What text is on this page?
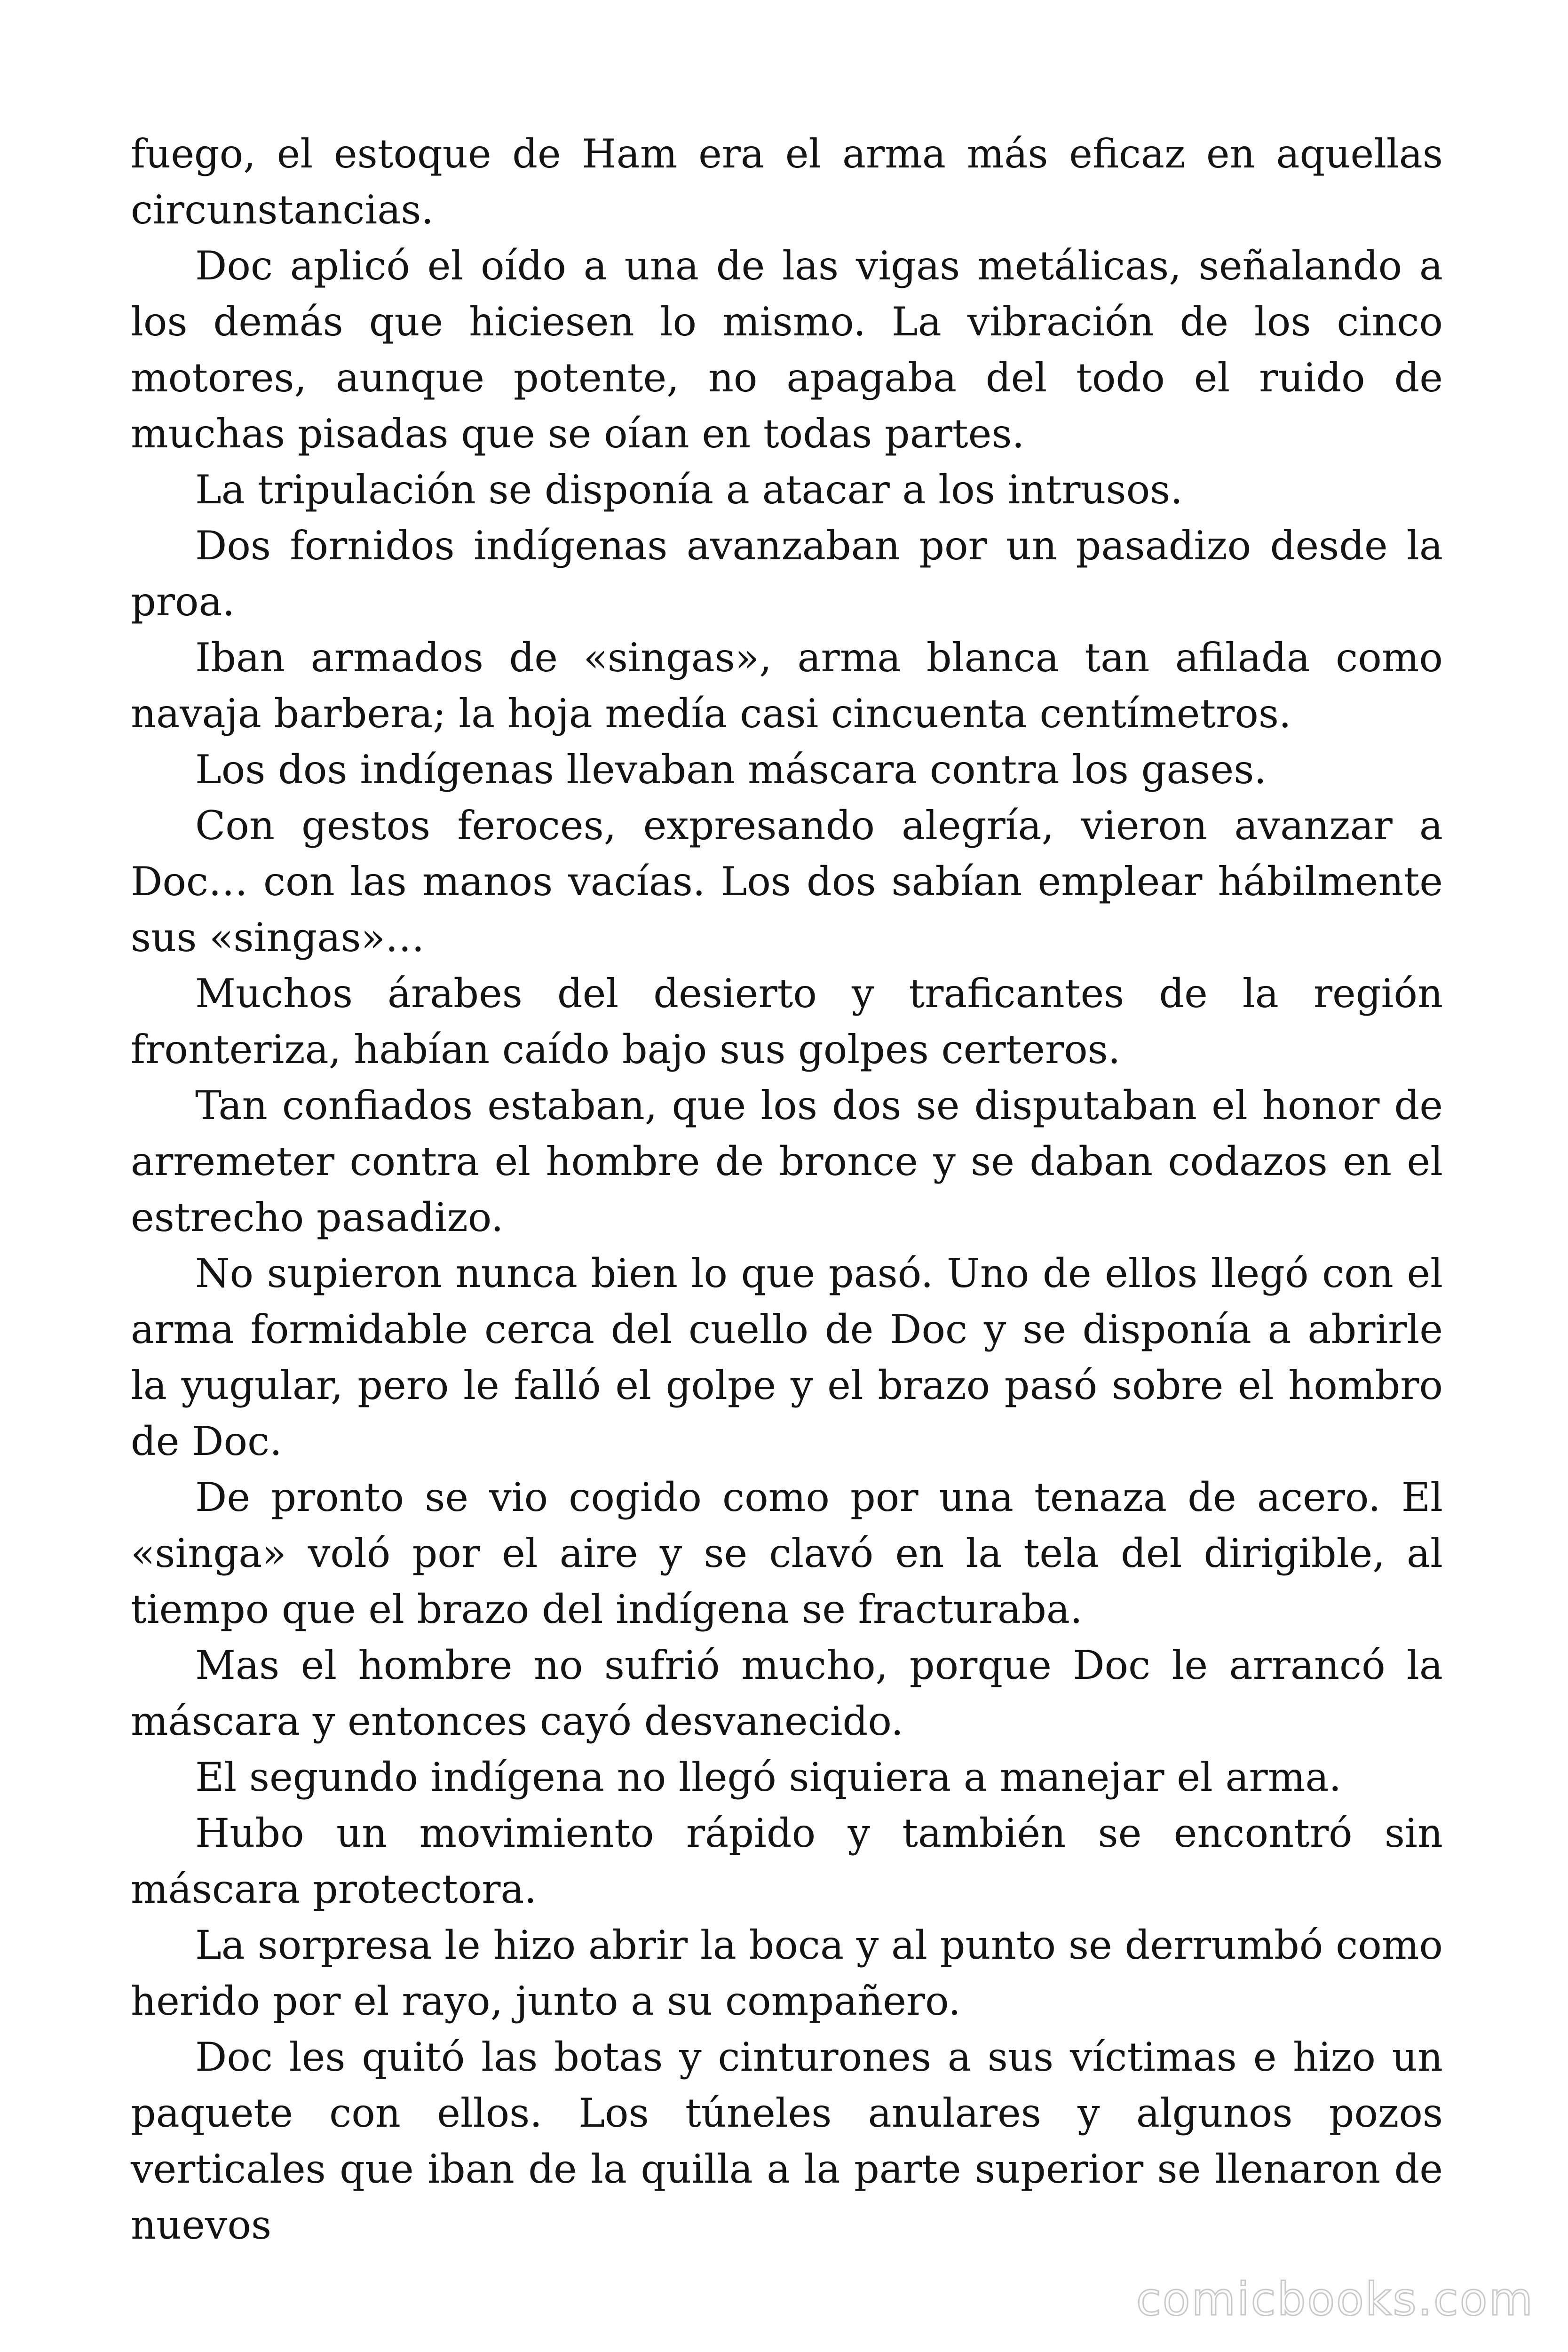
fuego, el estoque de Ham era el arma más eficaz en aquellas circunstancias.

Doc aplicó el oído a una de las vigas metálicas, señalando a los demás que hiciesen lo mismo. La vibración de los cinco motores, aunque potente, no apagaba del todo el ruido de muchas pisadas que se oían en todas partes.

La tripulación se disponía a atacar a los intrusos.

Dos fornidos indígenas avanzaban por un pasadizo desde la proa.

Iban armados de «singas», arma blanca tan afilada como navaja barbera; la hoja medía casi cincuenta centímetros.

Los dos indígenas llevaban máscara contra los gases.

Con gestos feroces, expresando alegría, vieron avanzar a Doc… con las manos vacías. Los dos sabían emplear hábilmente sus «singas»…

Muchos árabes del desierto y traficantes de la región fronteriza, habían caído bajo sus golpes certeros.

Tan confiados estaban, que los dos se disputaban el honor de arremeter contra el hombre de bronce y se daban codazos en el estrecho pasadizo.

No supieron nunca bien lo que pasó. Uno de ellos llegó con el arma formidable cerca del cuello de Doc y se disponía a abrirle la yugular, pero le falló el golpe y el brazo pasó sobre el hombro de Doc.

De pronto se vio cogido como por una tenaza de acero. El «singa» voló por el aire y se clavó en la tela del dirigible, al tiempo que el brazo del indígena se fracturaba.

Mas el hombre no sufrió mucho, porque Doc le arrancó la máscara y entonces cayó desvanecido.

El segundo indígena no llegó siquiera a manejar el arma.

Hubo un movimiento rápido y también se encontró sin máscara protectora.

La sorpresa le hizo abrir la boca y al punto se derrumbó como herido por el rayo, junto a su compañero.

Doc les quitó las botas y cinturones a sus víctimas e hizo un paquete con ellos. Los túneles anulares y algunos pozos verticales que iban de la quilla a la parte superior se llenaron de nuevos

comicbooks.com
